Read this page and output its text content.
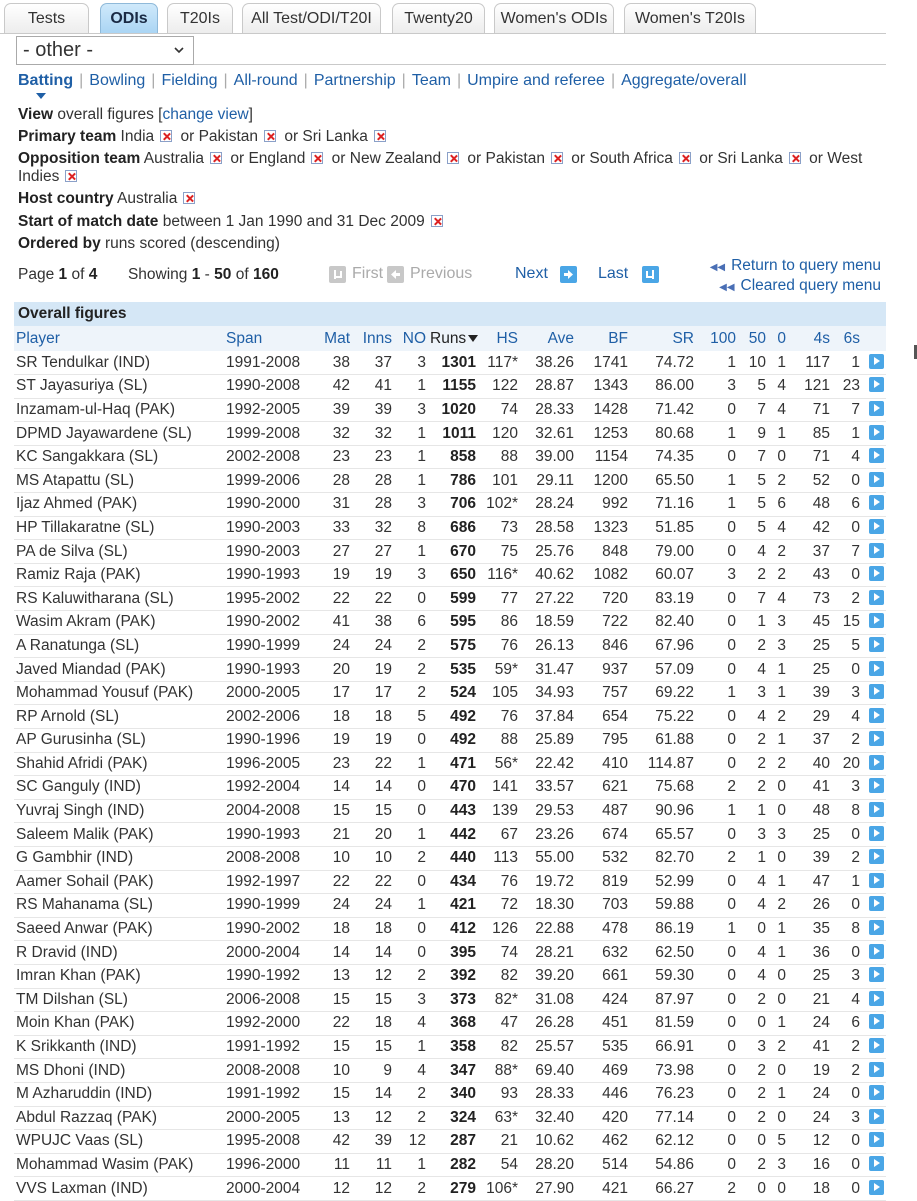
Tests	ODIs	T20Is	All Test/ODI/T20I	Twenty20	Women's ODIs	Women's T20Is
- other -
Batting | Bowling | Fielding | All-round | Partnership | Team | Umpire and referee | Aggregate/overall
View overall figures [change view]
Primary team India or Pakistan or Sri Lanka
Opposition team Australia or England or New Zealand or Pakistan or South Africa or Sri Lanka or West Indies
Host country Australia
Start of match date between 1 Jan 1990 and 31 Dec 2009
Ordered by runs scored (descending)
Page 1 of 4 Showing 1 - 50 of 160	First Previous	Next	Last	◀◀ Return to query menu
◀◀ Cleared query menu
Overall figures
Player	Span	Mat	Inns	NO	Runs	HS	Ave	BF	SR	100	50	0	4s	6s	
SR Tendulkar (IND)	1991-2008	38	37	3	1301	117*	38.26	1741	74.72	1	10	1	117	1	
ST Jayasuriya (SL)	1990-2008	42	41	1	1155	122	28.87	1343	86.00	3	5	4	121	23	
Inzamam-ul-Haq (PAK)	1992-2005	39	39	3	1020	74	28.33	1428	71.42	0	7	4	71	7	
DPMD Jayawardene (SL)	1999-2008	32	32	1	1011	120	32.61	1253	80.68	1	9	1	85	1	
KC Sangakkara (SL)	2002-2008	23	23	1	858	88	39.00	1154	74.35	0	7	0	71	4	
MS Atapattu (SL)	1999-2006	28	28	1	786	101	29.11	1200	65.50	1	5	2	52	0	
Ijaz Ahmed (PAK)	1990-2000	31	28	3	706	102*	28.24	992	71.16	1	5	6	48	6	
HP Tillakaratne (SL)	1990-2003	33	32	8	686	73	28.58	1323	51.85	0	5	4	42	0	
PA de Silva (SL)	1990-2003	27	27	1	670	75	25.76	848	79.00	0	4	2	37	7	
Ramiz Raja (PAK)	1990-1993	19	19	3	650	116*	40.62	1082	60.07	3	2	2	43	0	
RS Kaluwitharana (SL)	1995-2002	22	22	0	599	77	27.22	720	83.19	0	7	4	73	2	
Wasim Akram (PAK)	1990-2002	41	38	6	595	86	18.59	722	82.40	0	1	3	45	15	
A Ranatunga (SL)	1990-1999	24	24	2	575	76	26.13	846	67.96	0	2	3	25	5	
Javed Miandad (PAK)	1990-1993	20	19	2	535	59*	31.47	937	57.09	0	4	1	25	0	
Mohammad Yousuf (PAK)	2000-2005	17	17	2	524	105	34.93	757	69.22	1	3	1	39	3	
RP Arnold (SL)	2002-2006	18	18	5	492	76	37.84	654	75.22	0	4	2	29	4	
AP Gurusinha (SL)	1990-1996	19	19	0	492	88	25.89	795	61.88	0	2	1	37	2	
Shahid Afridi (PAK)	1996-2005	23	22	1	471	56*	22.42	410	114.87	0	2	2	40	20	
SC Ganguly (IND)	1992-2004	14	14	0	470	141	33.57	621	75.68	2	2	0	41	3	
Yuvraj Singh (IND)	2004-2008	15	15	0	443	139	29.53	487	90.96	1	1	0	48	8	
Saleem Malik (PAK)	1990-1993	21	20	1	442	67	23.26	674	65.57	0	3	3	25	0	
G Gambhir (IND)	2008-2008	10	10	2	440	113	55.00	532	82.70	2	1	0	39	2	
Aamer Sohail (PAK)	1992-1997	22	22	0	434	76	19.72	819	52.99	0	4	1	47	1	
RS Mahanama (SL)	1990-1999	24	24	1	421	72	18.30	703	59.88	0	4	2	26	0	
Saeed Anwar (PAK)	1990-2002	18	18	0	412	126	22.88	478	86.19	1	0	1	35	8	
R Dravid (IND)	2000-2004	14	14	0	395	74	28.21	632	62.50	0	4	1	36	0	
Imran Khan (PAK)	1990-1992	13	12	2	392	82	39.20	661	59.30	0	4	0	25	3	
TM Dilshan (SL)	2006-2008	15	15	3	373	82*	31.08	424	87.97	0	2	0	21	4	
Moin Khan (PAK)	1992-2000	22	18	4	368	47	26.28	451	81.59	0	0	1	24	6	
K Srikkanth (IND)	1991-1992	15	15	1	358	82	25.57	535	66.91	0	3	2	41	2	
MS Dhoni (IND)	2008-2008	10	9	4	347	88*	69.40	469	73.98	0	2	0	19	2	
M Azharuddin (IND)	1991-1992	15	14	2	340	93	28.33	446	76.23	0	2	1	24	0	
Abdul Razzaq (PAK)	2000-2005	13	12	2	324	63*	32.40	420	77.14	0	2	0	24	3	
WPUJC Vaas (SL)	1995-2008	42	39	12	287	21	10.62	462	62.12	0	0	5	12	0	
Mohammad Wasim (PAK)	1996-2000	11	11	1	282	54	28.20	514	54.86	0	2	3	16	0	
VVS Laxman (IND)	2000-2004	12	12	2	279	106*	27.90	421	66.27	2	0	0	18	0	
